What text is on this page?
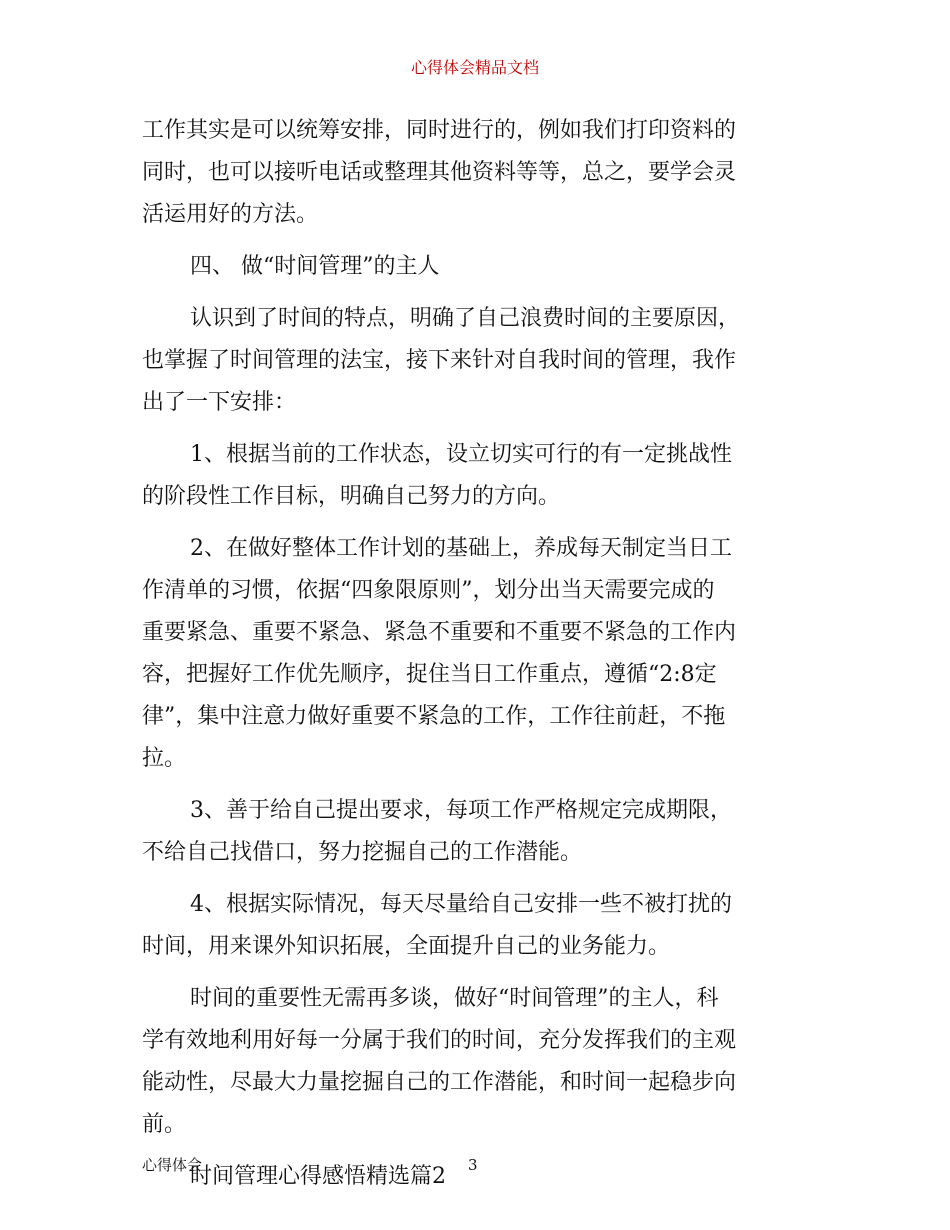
心得体会精品文档
工作其实是可以统筹安排，同时进行的，例如我们打印资料的
同时，也可以接听电话或整理其他资料等等，总之，要学会灵
活运用好的方法。
四、 做“时间管理”的主人
认识到了时间的特点，明确了自己浪费时间的主要原因，
也掌握了时间管理的法宝，接下来针对自我时间的管理，我作
出了一下安排：
1、根据当前的工作状态，设立切实可行的有一定挑战性
的阶段性工作目标，明确自己努力的方向。
2、在做好整体工作计划的基础上，养成每天制定当日工
作清单的习惯，依据“四象限原则”，划分出当天需要完成的
重要紧急、重要不紧急、紧急不重要和不重要不紧急的工作内
容，把握好工作优先顺序，捉住当日工作重点，遵循“2:8定
律”，集中注意力做好重要不紧急的工作，工作往前赶，不拖
拉。
3、善于给自己提出要求，每项工作严格规定完成期限，
不给自己找借口，努力挖掘自己的工作潜能。
4、根据实际情况，每天尽量给自己安排一些不被打扰的
时间，用来课外知识拓展，全面提升自己的业务能力。
时间的重要性无需再多谈，做好“时间管理”的主人，科
学有效地利用好每一分属于我们的时间，充分发挥我们的主观
能动性，尽最大力量挖掘自己的工作潜能，和时间一起稳步向
前。
时间管理心得感悟精选篇2
心得体会	3
